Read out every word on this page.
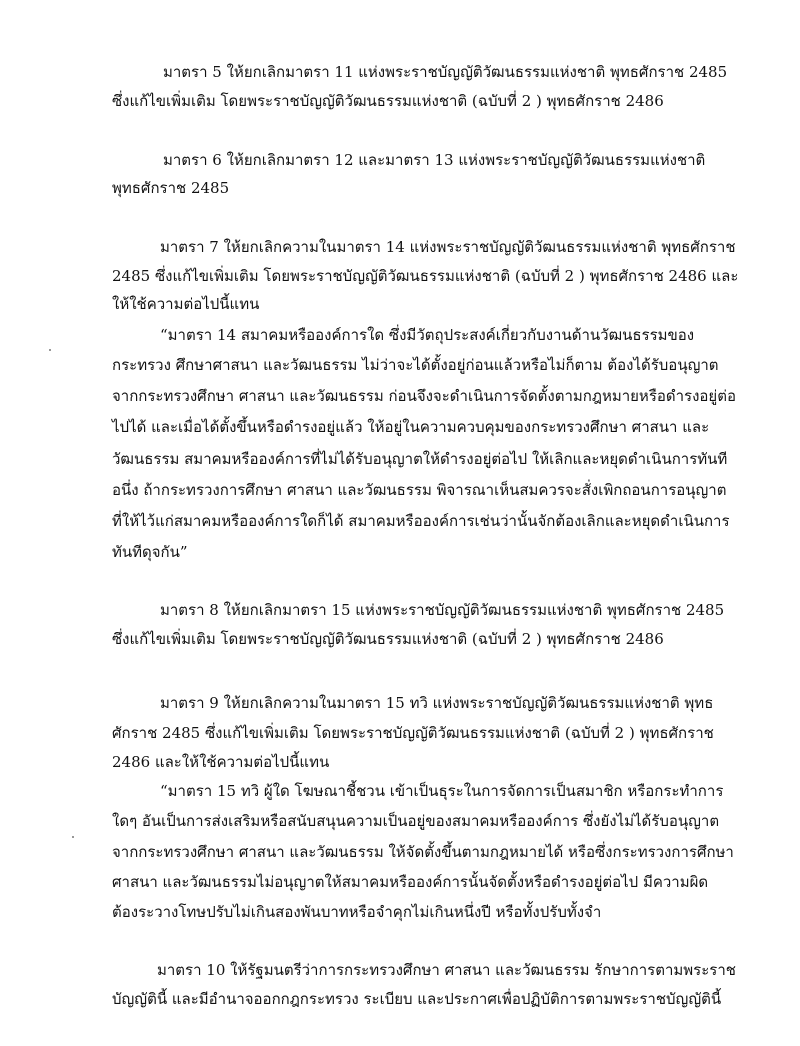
มาตรา 5 ให้ยกเลิกมาตรา 11 แห่งพระราชบัญญัติวัฒนธรรมแห่งชาติ พุทธศักราช 2485
ซึ่งแก้ไขเพิ่มเติม โดยพระราชบัญญัติวัฒนธรรมแห่งชาติ (ฉบับที่ 2 ) พุทธศักราช 2486
มาตรา 6 ให้ยกเลิกมาตรา 12 และมาตรา 13 แห่งพระราชบัญญัติวัฒนธรรมแห่งชาติ
พุทธศักราช 2485
มาตรา 7 ให้ยกเลิกความในมาตรา 14 แห่งพระราชบัญญัติวัฒนธรรมแห่งชาติ พุทธศักราช
2485 ซึ่งแก้ไขเพิ่มเติม โดยพระราชบัญญัติวัฒนธรรมแห่งชาติ (ฉบับที่ 2 ) พุทธศักราช 2486 และ
ให้ใช้ความต่อไปนี้แทน
“มาตรา 14 สมาคมหรือองค์การใด ซึ่งมีวัตถุประสงค์เกี่ยวกับงานด้านวัฒนธรรมของ
กระทรวง ศึกษาศาสนา และวัฒนธรรม ไม่ว่าจะได้ตั้งอยู่ก่อนแล้วหรือไม่ก็ตาม ต้องได้รับอนุญาต
จากกระทรวงศึกษา ศาสนา และวัฒนธรรม ก่อนจึงจะดำเนินการจัดตั้งตามกฎหมายหรือดำรงอยู่ต่อ
ไปได้ และเมื่อได้ตั้งขึ้นหรือดำรงอยู่แล้ว ให้อยู่ในความควบคุมของกระทรวงศึกษา ศาสนา และ
วัฒนธรรม สมาคมหรือองค์การที่ไม่ได้รับอนุญาตให้ดำรงอยู่ต่อไป ให้เลิกและหยุดดำเนินการทันที
อนึ่ง ถ้ากระทรวงการศึกษา ศาสนา และวัฒนธรรม พิจารณาเห็นสมควรจะสั่งเพิกถอนการอนุญาต
ที่ให้ไว้แก่สมาคมหรือองค์การใดก็ได้ สมาคมหรือองค์การเช่นว่านั้นจักต้องเลิกและหยุดดำเนินการ
ทันทีดุจกัน”
มาตรา 8 ให้ยกเลิกมาตรา 15 แห่งพระราชบัญญัติวัฒนธรรมแห่งชาติ พุทธศักราช 2485
ซึ่งแก้ไขเพิ่มเติม โดยพระราชบัญญัติวัฒนธรรมแห่งชาติ (ฉบับที่ 2 ) พุทธศักราช 2486
มาตรา 9 ให้ยกเลิกความในมาตรา 15 ทวิ แห่งพระราชบัญญัติวัฒนธรรมแห่งชาติ พุทธ
ศักราช 2485 ซึ่งแก้ไขเพิ่มเติม โดยพระราชบัญญัติวัฒนธรรมแห่งชาติ (ฉบับที่ 2 ) พุทธศักราช
2486 และให้ใช้ความต่อไปนี้แทน
“มาตรา 15 ทวิ ผู้ใด โฆษณาชี้ชวน เข้าเป็นธุระในการจัดการเป็นสมาชิก หรือกระทำการ
ใดๆ อันเป็นการส่งเสริมหรือสนับสนุนความเป็นอยู่ของสมาคมหรือองค์การ ซึ่งยังไม่ได้รับอนุญาต
จากกระทรวงศึกษา ศาสนา และวัฒนธรรม ให้จัดตั้งขึ้นตามกฎหมายได้ หรือซึ่งกระทรวงการศึกษา
ศาสนา และวัฒนธรรมไม่อนุญาตให้สมาคมหรือองค์การนั้นจัดตั้งหรือดำรงอยู่ต่อไป มีความผิด
ต้องระวางโทษปรับไม่เกินสองพันบาทหรือจำคุกไม่เกินหนึ่งปี หรือทั้งปรับทั้งจำ
มาตรา 10 ให้รัฐมนตรีว่าการกระทรวงศึกษา ศาสนา และวัฒนธรรม รักษาการตามพระราช
บัญญัตินี้ และมีอำนาจออกกฎกระทรวง ระเบียบ และประกาศเพื่อปฏิบัติการตามพระราชบัญญัตินี้
